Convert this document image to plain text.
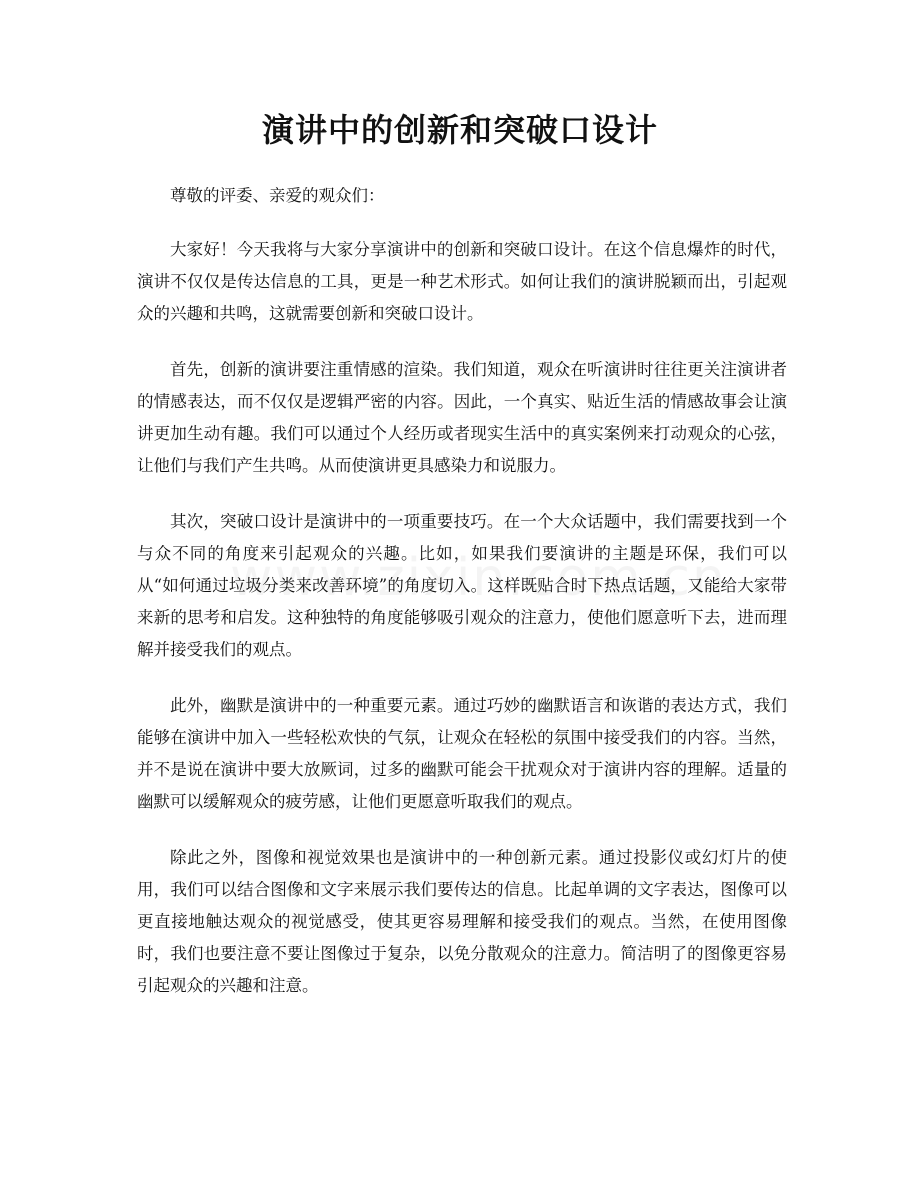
演讲中的创新和突破口设计

尊敬的评委、亲爱的观众们：

大家好！今天我将与大家分享演讲中的创新和突破口设计。在这个信息爆炸的时代，演讲不仅仅是传达信息的工具，更是一种艺术形式。如何让我们的演讲脱颖而出，引起观众的兴趣和共鸣，这就需要创新和突破口设计。

首先，创新的演讲要注重情感的渲染。我们知道，观众在听演讲时往往更关注演讲者的情感表达，而不仅仅是逻辑严密的内容。因此，一个真实、贴近生活的情感故事会让演讲更加生动有趣。我们可以通过个人经历或者现实生活中的真实案例来打动观众的心弦，让他们与我们产生共鸣。从而使演讲更具感染力和说服力。

其次，突破口设计是演讲中的一项重要技巧。在一个大众话题中，我们需要找到一个与众不同的角度来引起观众的兴趣。比如，如果我们要演讲的主题是环保，我们可以从“如何通过垃圾分类来改善环境”的角度切入。这样既贴合时下热点话题，又能给大家带来新的思考和启发。这种独特的角度能够吸引观众的注意力，使他们愿意听下去，进而理解并接受我们的观点。

此外，幽默是演讲中的一种重要元素。通过巧妙的幽默语言和诙谐的表达方式，我们能够在演讲中加入一些轻松欢快的气氛，让观众在轻松的氛围中接受我们的内容。当然，并不是说在演讲中要大放厥词，过多的幽默可能会干扰观众对于演讲内容的理解。适量的幽默可以缓解观众的疲劳感，让他们更愿意听取我们的观点。

除此之外，图像和视觉效果也是演讲中的一种创新元素。通过投影仪或幻灯片的使用，我们可以结合图像和文字来展示我们要传达的信息。比起单调的文字表达，图像可以更直接地触达观众的视觉感受，使其更容易理解和接受我们的观点。当然，在使用图像时，我们也要注意不要让图像过于复杂，以免分散观众的注意力。简洁明了的图像更容易引起观众的兴趣和注意。
